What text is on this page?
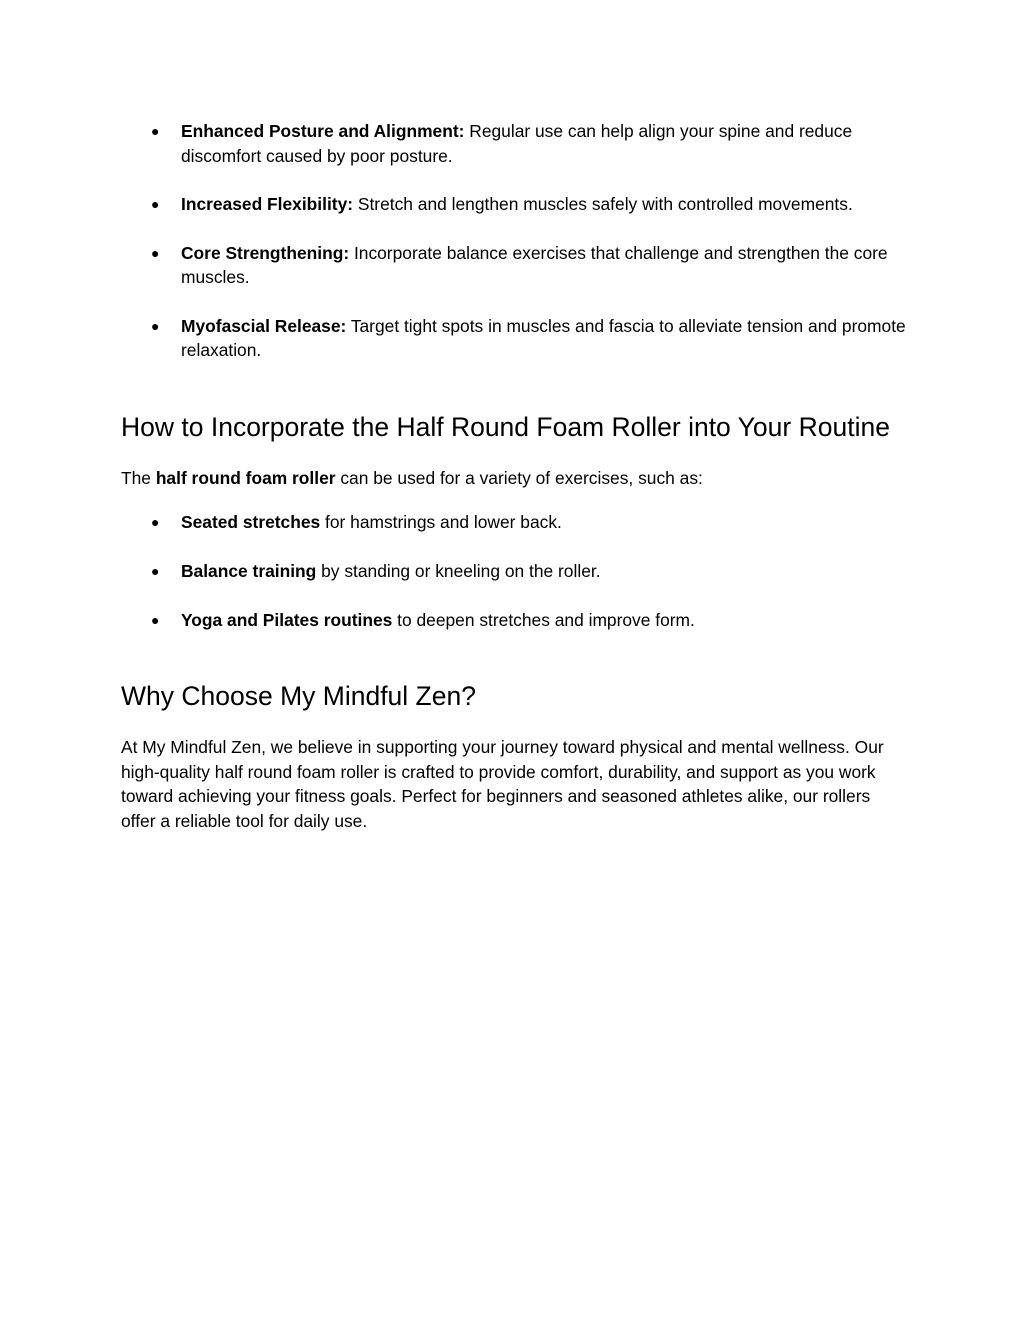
● Enhanced Posture and Alignment: Regular use can help align your spine and reduce discomfort caused by poor posture.
● Increased Flexibility: Stretch and lengthen muscles safely with controlled movements.
● Core Strengthening: Incorporate balance exercises that challenge and strengthen the core muscles.
● Myofascial Release: Target tight spots in muscles and fascia to alleviate tension and promote relaxation.
How to Incorporate the Half Round Foam Roller into Your Routine

The half round foam roller can be used for a variety of exercises, such as:

● Seated stretches for hamstrings and lower back.
● Balance training by standing or kneeling on the roller.
● Yoga and Pilates routines to deepen stretches and improve form.
Why Choose My Mindful Zen?

At My Mindful Zen, we believe in supporting your journey toward physical and mental wellness. Our high-quality half round foam roller is crafted to provide comfort, durability, and support as you work toward achieving your fitness goals. Perfect for beginners and seasoned athletes alike, our rollers offer a reliable tool for daily use.
